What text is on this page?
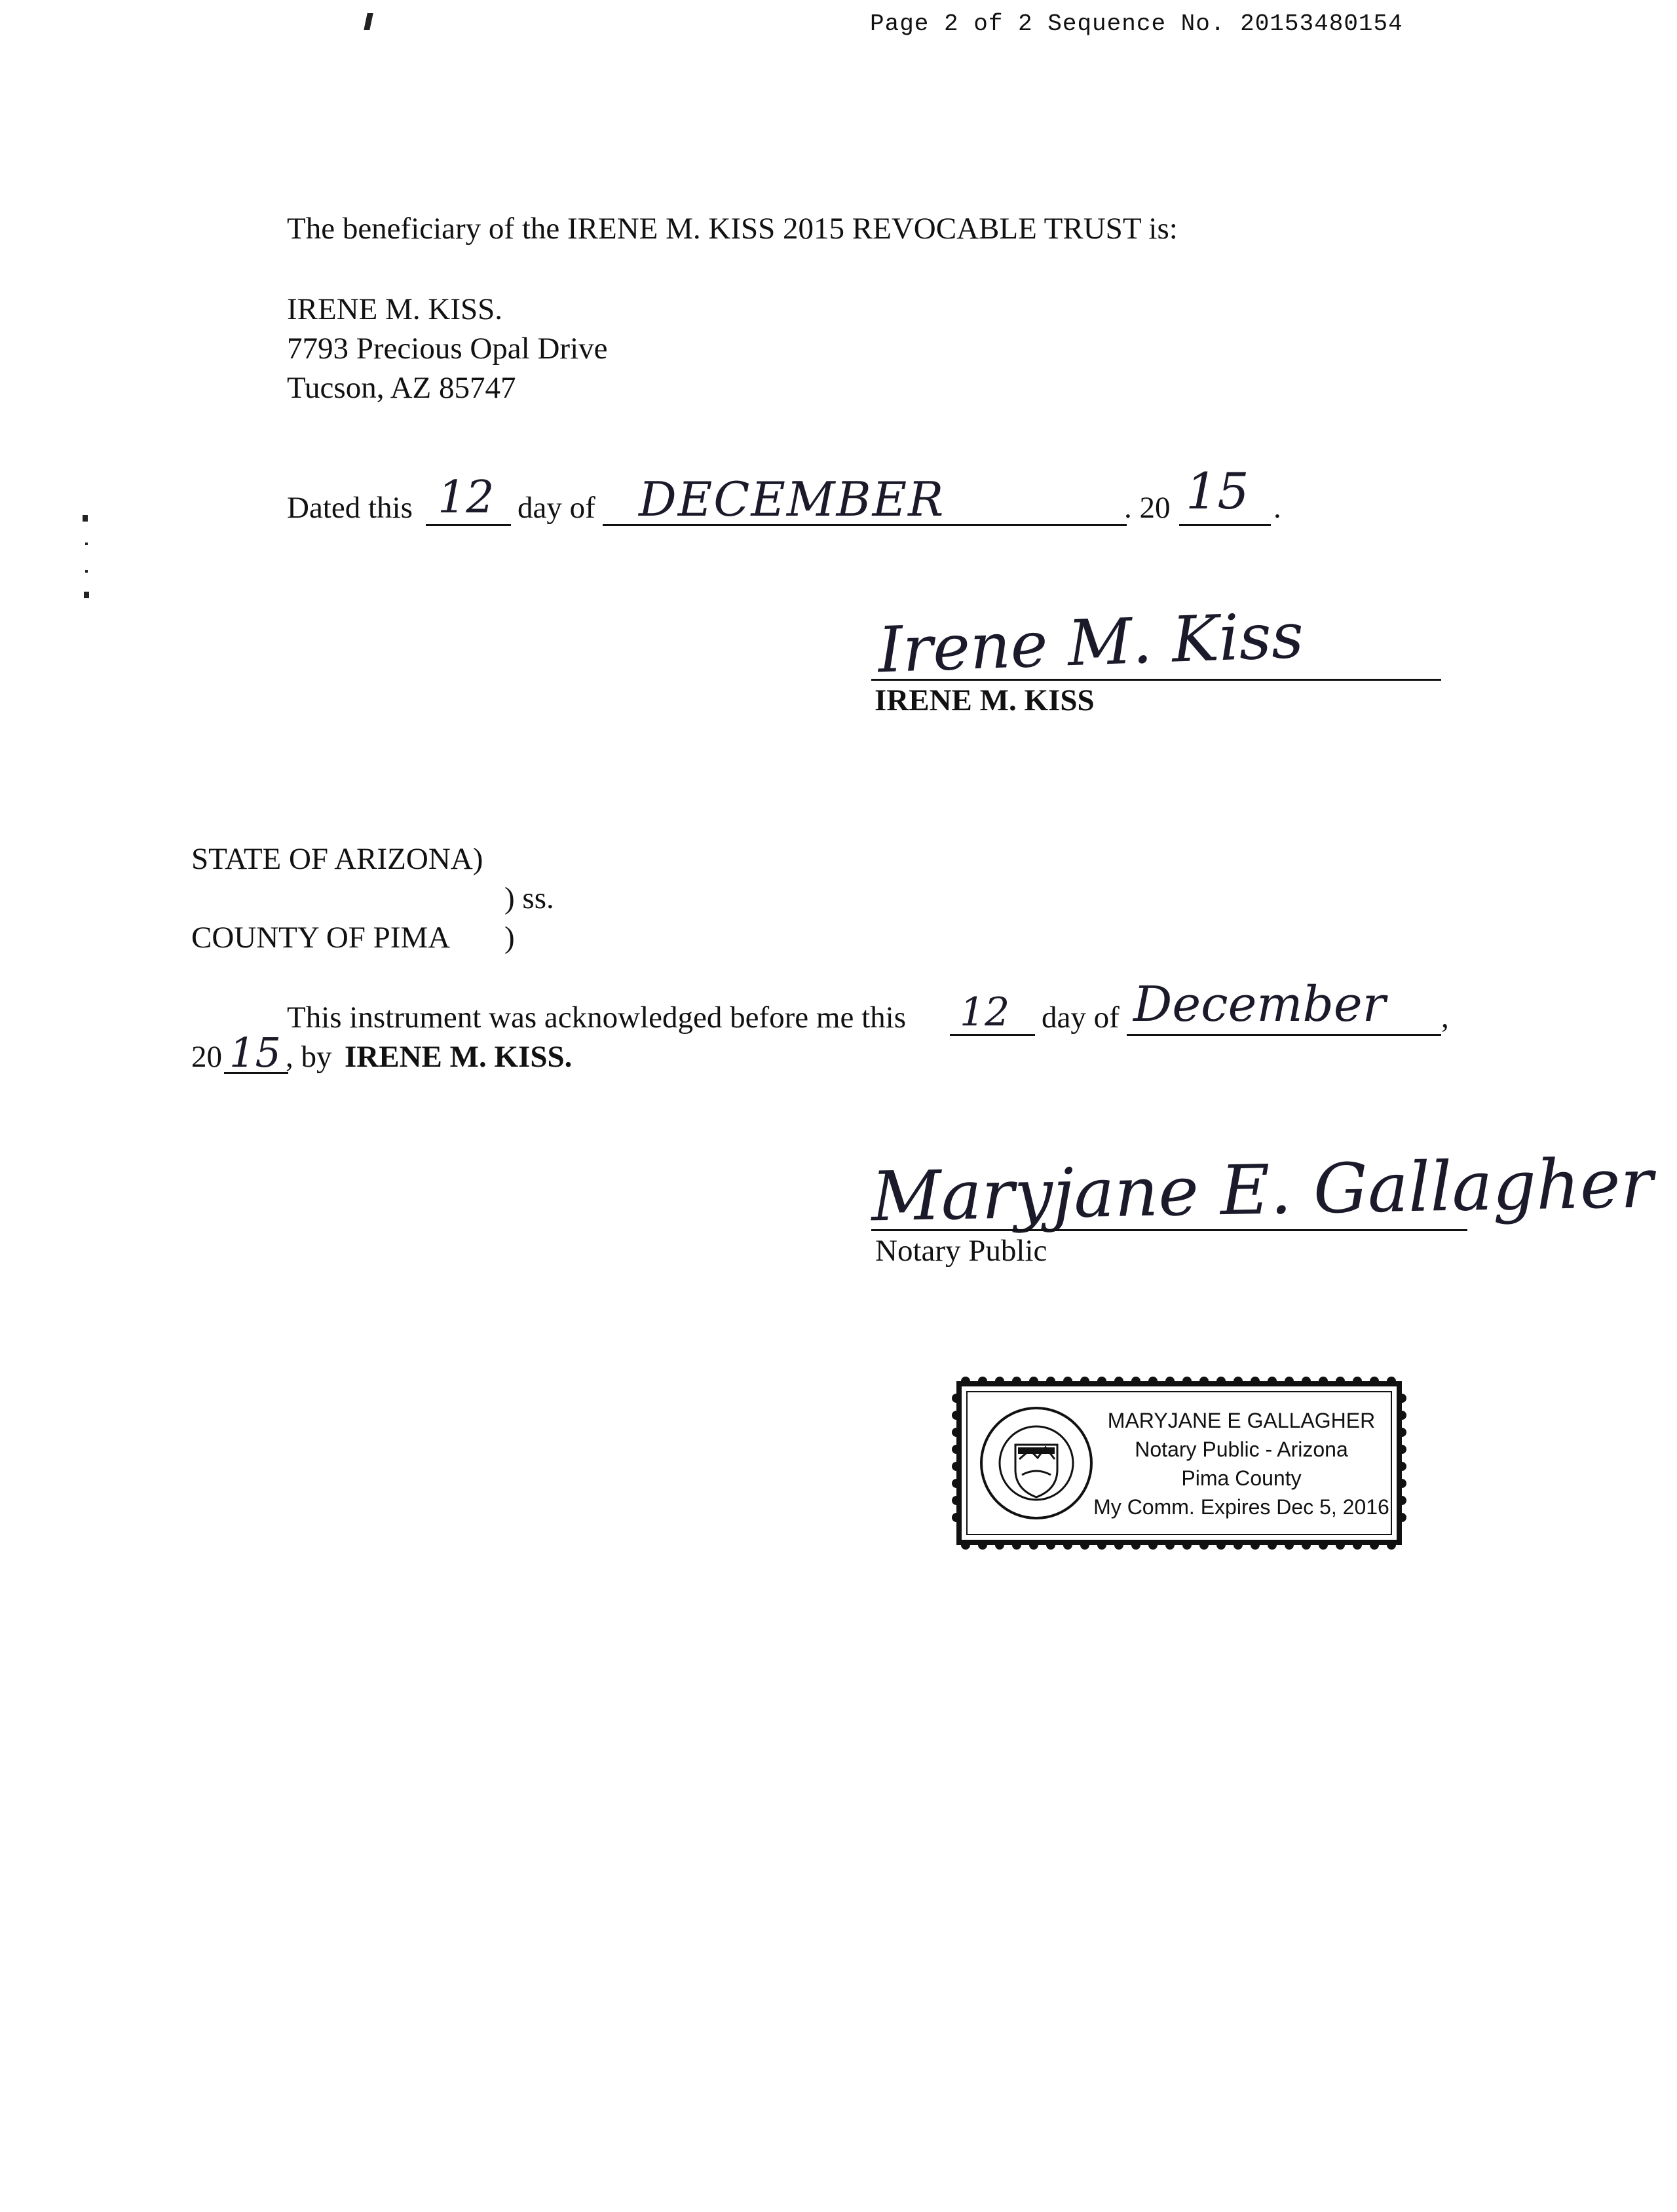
Page 2 of 2 Sequence No. 20153480154
The beneficiary of the IRENE M. KISS 2015 REVOCABLE TRUST is:
IRENE M. KISS.
7793 Precious Opal Drive
Tucson, AZ 85747
Dated this 12 day of DECEMBER	. 20 15 .
Irene M. Kiss
IRENE M. KISS
STATE OF ARIZONA)
) ss.
COUNTY OF PIMA )
This instrument was acknowledged before me this 12 day of December ,
20 15 , by IRENE M. KISS.
Maryjane E. Gallagher
Notary Public
MARYJANE E GALLAGHER
Notary Public - Arizona
Pima County
My Comm. Expires Dec 5, 2016
